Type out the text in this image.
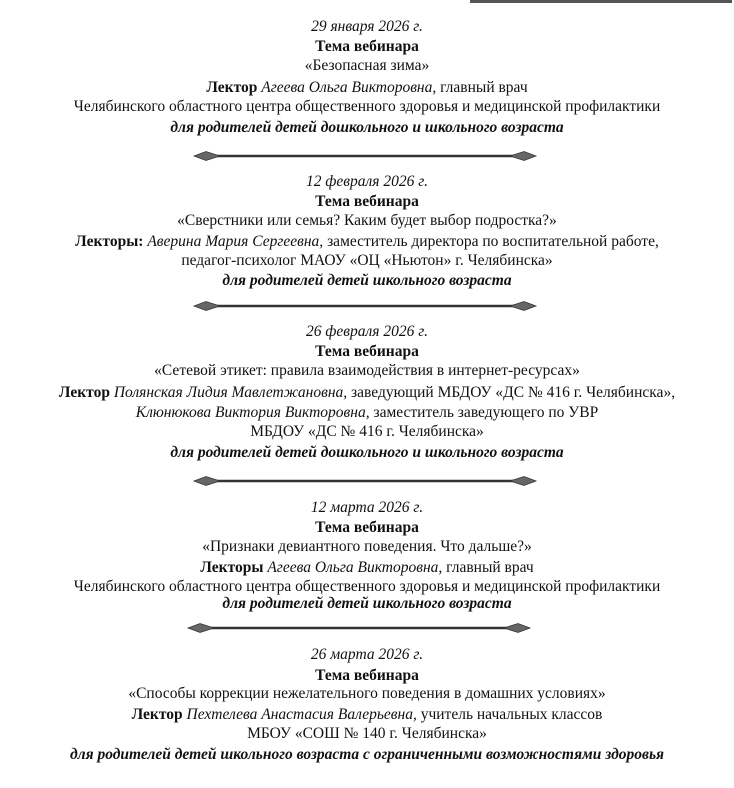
29 января 2026 г.
Тема вебинара
«Безопасная зима»
Лектор Агеева Ольга Викторовна, главный врач
Челябинского областного центра общественного здоровья и медицинской профилактики
для родителей детей дошкольного и школьного возраста
12 февраля 2026 г.
Тема вебинара
«Сверстники или семья? Каким будет выбор подростка?»
Лекторы: Аверина Мария Сергеевна, заместитель директора по воспитательной работе,
педагог-психолог МАОУ «ОЦ «Ньютон» г. Челябинска»
для родителей детей школьного возраста
26 февраля 2026 г.
Тема вебинара
«Сетевой этикет: правила взаимодействия в интернет-ресурсах»
Лектор Полянская Лидия Мавлетжановна, заведующий МБДОУ «ДС № 416 г. Челябинска»,
Клюнюкова Виктория Викторовна, заместитель заведующего по УВР
МБДОУ «ДС № 416 г. Челябинска»
для родителей детей дошкольного и школьного возраста
12 марта 2026 г.
Тема вебинара
«Признаки девиантного поведения. Что дальше?»
Лекторы Агеева Ольга Викторовна, главный врач
Челябинского областного центра общественного здоровья и медицинской профилактики
для родителей детей школьного возраста
26 марта 2026 г.
Тема вебинара
«Способы коррекции нежелательного поведения в домашних условиях»
Лектор Пехтелева Анастасия Валерьевна, учитель начальных классов
МБОУ «СОШ № 140 г. Челябинска»
для родителей детей школьного возраста с ограниченными возможностями здоровья
